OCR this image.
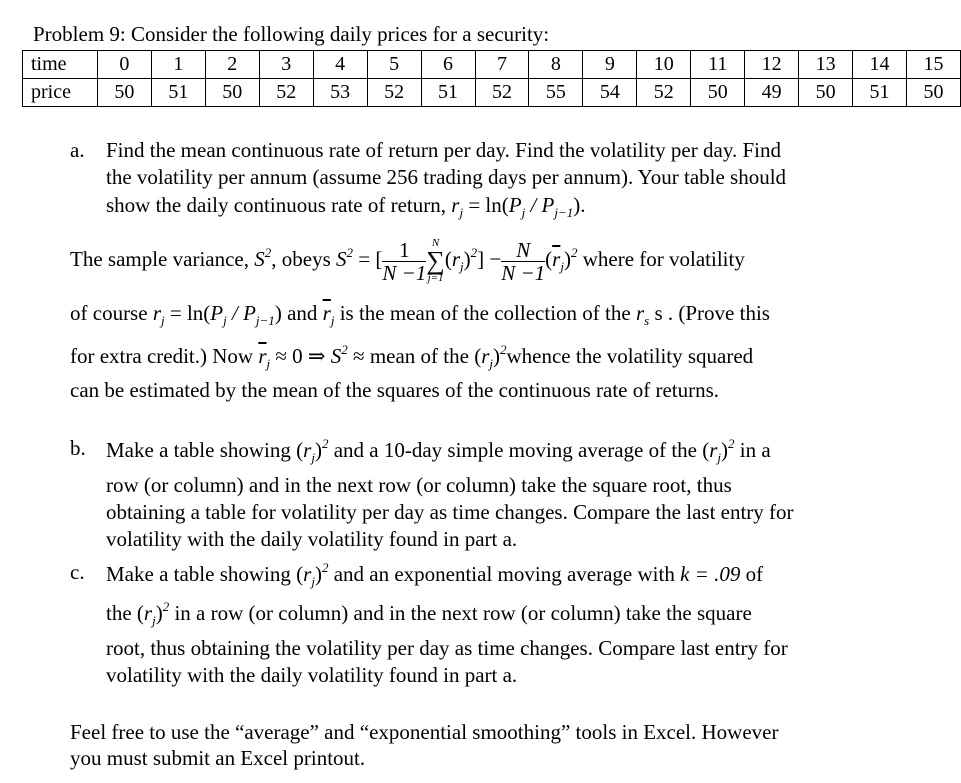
Problem 9: Consider the following daily prices for a security:
time	0	1	2	3	4	5	6	7	8	9	10	11	12	13	14	15
price	50	51	50	52	53	52	51	52	55	54	52	50	49	50	51	50
a. Find the mean continuous rate of return per day. Find the volatility per day. Find
the volatility per annum (assume 256 trading days per annum). Your table should
show the daily continuous rate of return, $r_j = \ln(P_j / P_{j-1})$.
The sample variance, $S^2$, obeys $S^2$ = [ $\frac{1}{N -1}$ N
∑
j=1
$(r_j)^2] - \frac{N}{N -1} (\overline{r}_j)^2$ where for volatility
of course $r_j = \ln(P_j / P_{j-1})$ and $\overline{r}_j$ is the mean of the collection of the $r_s$ s . (Prove this
for extra credit.) Now $\overline{r}_j \approx 0$ ⇒ $S^2$ ≈ mean of the $(r_j)^2whence$ the volatility squared
can be estimated by the mean of the squares of the continuous rate of returns.
b. Make a table showing $(r_j)^2$ and a 10-day simple moving average of the $(r_j)^2$ in a
row (or column) and in the next row (or column) take the square root, thus
obtaining a table for volatility per day as time changes. Compare the last entry for
volatility with the daily volatility found in part a.
c. Make a table showing $(r_j)^2$ and an exponential moving average with k = .09 of
the $(r_j)^2$ in a row (or column) and in the next row (or column) take the square
root, thus obtaining the volatility per day as time changes. Compare last entry for
volatility with the daily volatility found in part a.
Feel free to use the “average” and “exponential smoothing” tools in Excel. However
you must submit an Excel printout.
